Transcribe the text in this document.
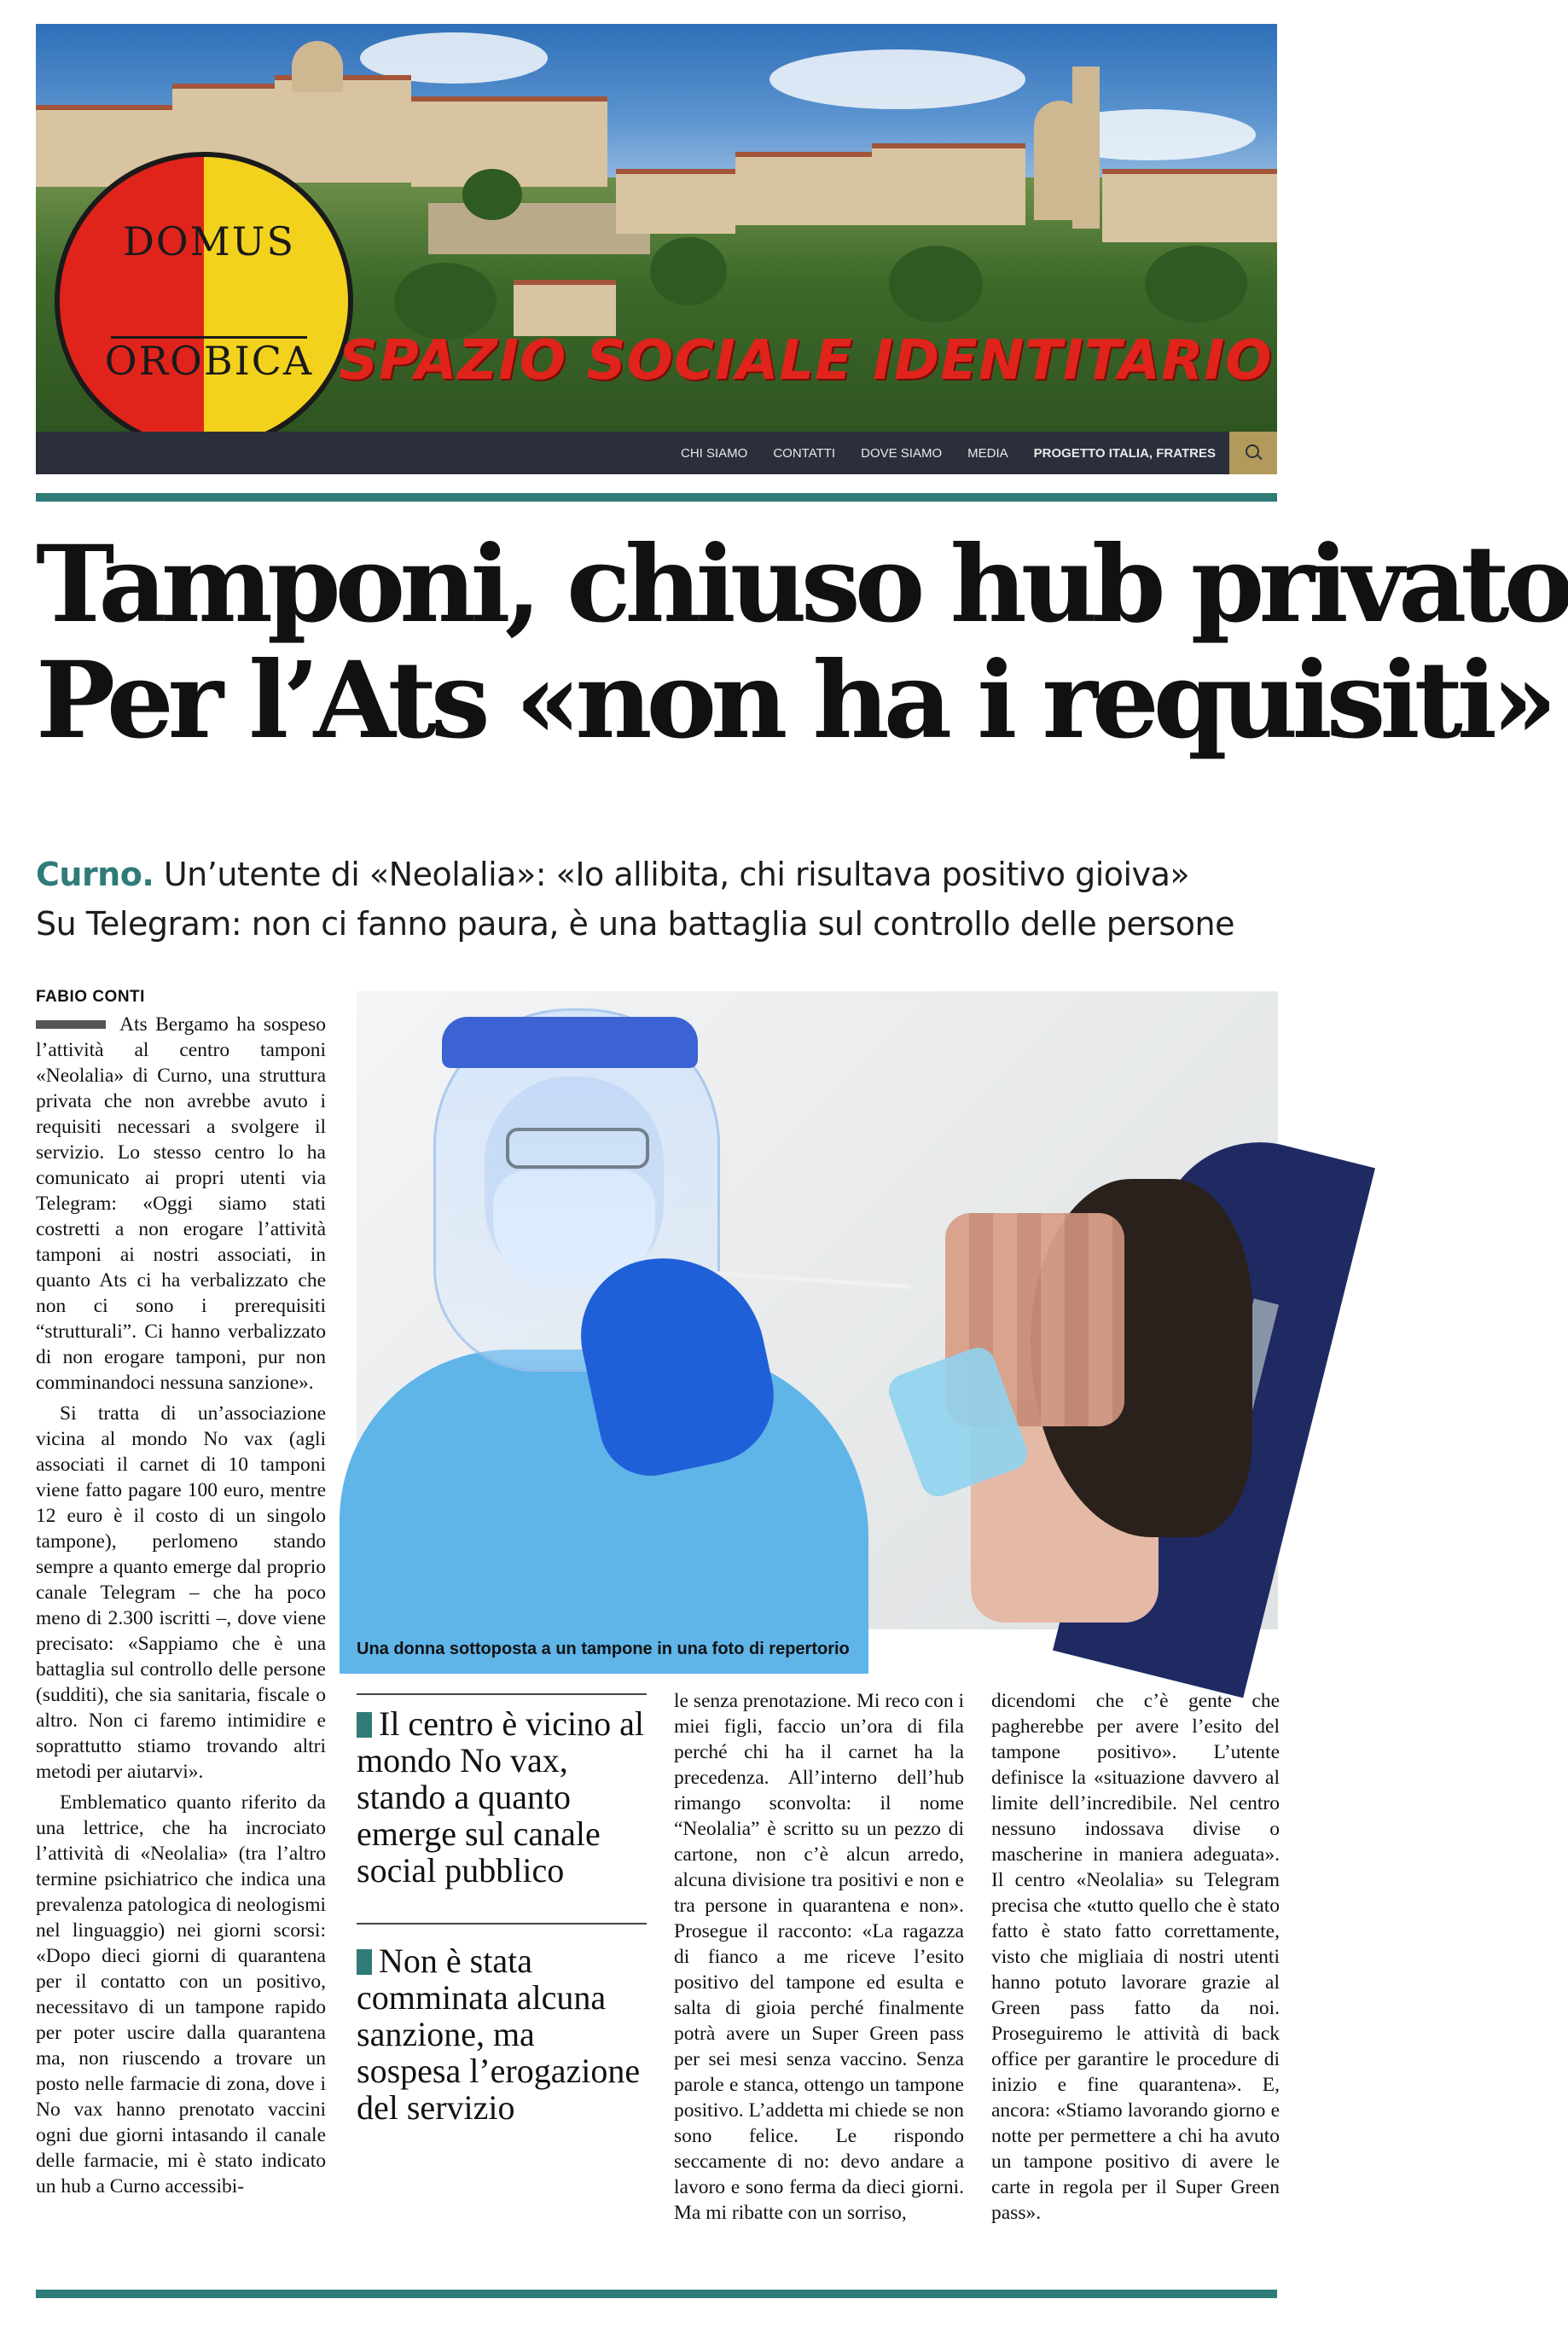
DOMUS
OROBICA SPAZIO SOCIALE IDENTITARIO
CHI SIAMO CONTATTI DOVE SIAMO MEDIA PROGETTO ITALIA, FRATRES
Tamponi, chiuso hub privato
Per l’Ats «non ha i requisiti»
Curno. Un’utente di «Neolalia»: «Io allibita, chi risultava positivo gioiva»
Su Telegram: non ci fanno paura, è una battaglia sul controllo delle persone
FABIO CONTI

Ats Bergamo ha sospeso l’attività al centro tamponi «Neolalia» di Curno, una struttura privata che non avrebbe avuto i requisiti necessari a svolgere il servizio. Lo stesso centro lo ha comunicato ai propri utenti via Telegram: «Oggi siamo stati costretti a non erogare l’attività tamponi ai nostri associati, in quanto Ats ci ha verbalizzato che non ci sono i prerequisiti “strutturali”. Ci hanno verbalizzato di non erogare tamponi, pur non comminandoci nessuna sanzione».

Si tratta di un’associazione vicina al mondo No vax (agli associati il carnet di 10 tamponi viene fatto pagare 100 euro, mentre 12 euro è il costo di un singolo tampone), perlomeno stando sempre a quanto emerge dal proprio canale Telegram – che ha poco meno di 2.300 iscritti –, dove viene precisato: «Sappiamo che è una battaglia sul controllo delle persone (sudditi), che sia sanitaria, fiscale o altro. Non ci faremo intimidire e soprattutto stiamo trovando altri metodi per aiutarvi».

Emblematico quanto riferito da una lettrice, che ha incrociato l’attività di «Neolalia» (tra l’altro termine psichiatrico che indica una prevalenza patologica di neologismi nel linguaggio) nei giorni scorsi: «Dopo dieci giorni di quarantena per il contatto con un positivo, necessitavo di un tampone rapido per poter uscire dalla quarantena ma, non riuscendo a trovare un posto nelle farmacie di zona, dove i No vax hanno prenotato vaccini ogni due giorni intasando il canale delle farmacie, mi è stato indicato un hub a Curno accessibi-

Una donna sottoposta a un tampone in una foto di repertorio
Il centro è vicino al mondo No vax, stando a quanto emerge sul canale social pubblico
Non è stata comminata alcuna sanzione, ma sospesa l’erogazione del servizio

le senza prenotazione. Mi reco con i miei figli, faccio un’ora di fila perché chi ha il carnet ha la precedenza. All’interno dell’hub rimango sconvolta: il nome “Neolalia” è scritto su un pezzo di cartone, non c’è alcun arredo, alcuna divisione tra positivi e non e tra persone in quarantena e non». Prosegue il racconto: «La ragazza di fianco a me riceve l’esito positivo del tampone ed esulta e salta di gioia perché finalmente potrà avere un Super Green pass per sei mesi senza vaccino. Senza parole e stanca, ottengo un tampone positivo. L’addetta mi chiede se non sono felice. Le rispondo seccamente di no: devo andare a lavoro e sono ferma da dieci giorni. Ma mi ribatte con un sorriso,

dicendomi che c’è gente che pagherebbe per avere l’esito del tampone positivo». L’utente definisce la «situazione davvero al limite dell’incredibile. Nel centro nessuno indossava divise o mascherine in maniera adeguata». Il centro «Neolalia» su Telegram precisa che «tutto quello che è stato fatto è stato fatto correttamente, visto che migliaia di nostri utenti hanno potuto lavorare grazie al Green pass fatto da noi. Proseguiremo le attività di back office per garantire le procedure di inizio e fine quarantena». E, ancora: «Stiamo lavorando giorno e notte per permettere a chi ha avuto un tampone positivo di avere le carte in regola per il Super Green pass».
